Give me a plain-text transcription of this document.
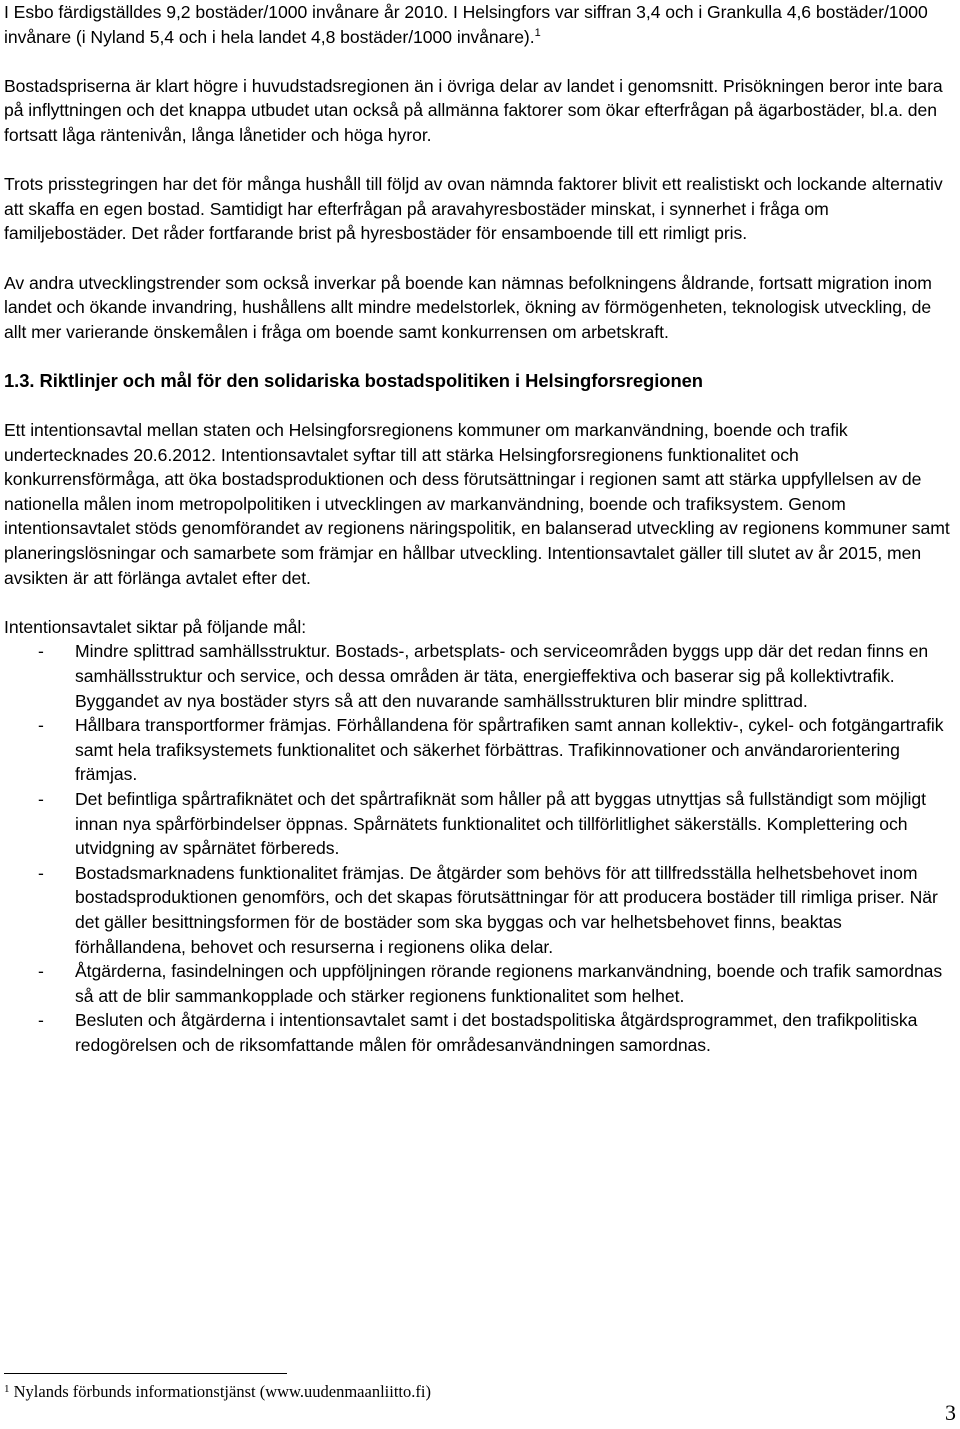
I Esbo färdigställdes 9,2 bostäder/1000 invånare år 2010. I Helsingfors var siffran 3,4 och i Grankulla 4,6 bostäder/1000 invånare (i Nyland 5,4 och i hela landet 4,8 bostäder/1000 invånare).$^1$

Bostadspriserna är klart högre i huvudstadsregionen än i övriga delar av landet i genomsnitt. Prisökningen beror inte bara på inflyttningen och det knappa utbudet utan också på allmänna faktorer som ökar efterfrågan på ägarbostäder, bl.a. den fortsatt låga räntenivån, långa lånetider och höga hyror.

Trots prisstegringen har det för många hushåll till följd av ovan nämnda faktorer blivit ett realistiskt och lockande alternativ att skaffa en egen bostad. Samtidigt har efterfrågan på aravahyresbostäder minskat, i synnerhet i fråga om familjebostäder. Det råder fortfarande brist på hyresbostäder för ensamboende till ett rimligt pris.

Av andra utvecklingstrender som också inverkar på boende kan nämnas befolkningens åldrande, fortsatt migration inom landet och ökande invandring, hushållens allt mindre medelstorlek, ökning av förmögenheten, teknologisk utveckling, de allt mer varierande önskemålen i fråga om boende samt konkurrensen om arbetskraft.

1.3. Riktlinjer och mål för den solidariska bostadspolitiken i Helsingforsregionen

Ett intentionsavtal mellan staten och Helsingforsregionens kommuner om markanvändning, boende och trafik undertecknades 20.6.2012. Intentionsavtalet syftar till att stärka Helsingforsregionens funktionalitet och konkurrensförmåga, att öka bostadsproduktionen och dess förutsättningar i regionen samt att stärka uppfyllelsen av de nationella målen inom metropolpolitiken i utvecklingen av markanvändning, boende och trafiksystem. Genom intentionsavtalet stöds genomförandet av regionens näringspolitik, en balanserad utveckling av regionens kommuner samt planeringslösningar och samarbete som främjar en hållbar utveckling. Intentionsavtalet gäller till slutet av år 2015, men avsikten är att förlänga avtalet efter det.

Intentionsavtalet siktar på följande mål:
- Mindre splittrad samhällsstruktur. Bostads-, arbetsplats- och serviceområden byggs upp där det redan finns en samhällsstruktur och service, och dessa områden är täta, energieffektiva och baserar sig på kollektivtrafik. Byggandet av nya bostäder styrs så att den nuvarande samhällsstrukturen blir mindre splittrad.
- Hållbara transportformer främjas. Förhållandena för spårtrafiken samt annan kollektiv-, cykel- och fotgängartrafik samt hela trafiksystemets funktionalitet och säkerhet förbättras. Trafikinnovationer och användarorientering främjas.
- Det befintliga spårtrafiknätet och det spårtrafiknät som håller på att byggas utnyttjas så fullständigt som möjligt innan nya spårförbindelser öppnas. Spårnätets funktionalitet och tillförlitlighet säkerställs. Komplettering och utvidgning av spårnätet förbereds.
- Bostadsmarknadens funktionalitet främjas. De åtgärder som behövs för att tillfredsställa helhetsbehovet inom bostadsproduktionen genomförs, och det skapas förutsättningar för att producera bostäder till rimliga priser. När det gäller besittningsformen för de bostäder som ska byggas och var helhetsbehovet finns, beaktas förhållandena, behovet och resurserna i regionens olika delar.
- Åtgärderna, fasindelningen och uppföljningen rörande regionens markanvändning, boende och trafik samordnas så att de blir sammankopplade och stärker regionens funktionalitet som helhet.
- Besluten och åtgärderna i intentionsavtalet samt i det bostadspolitiska åtgärdsprogrammet, den trafikpolitiska redogörelsen och de riksomfattande målen för områdesanvändningen samordnas.
$^1$ Nylands förbunds informationstjänst (www.uudenmaanliitto.fi)
3
